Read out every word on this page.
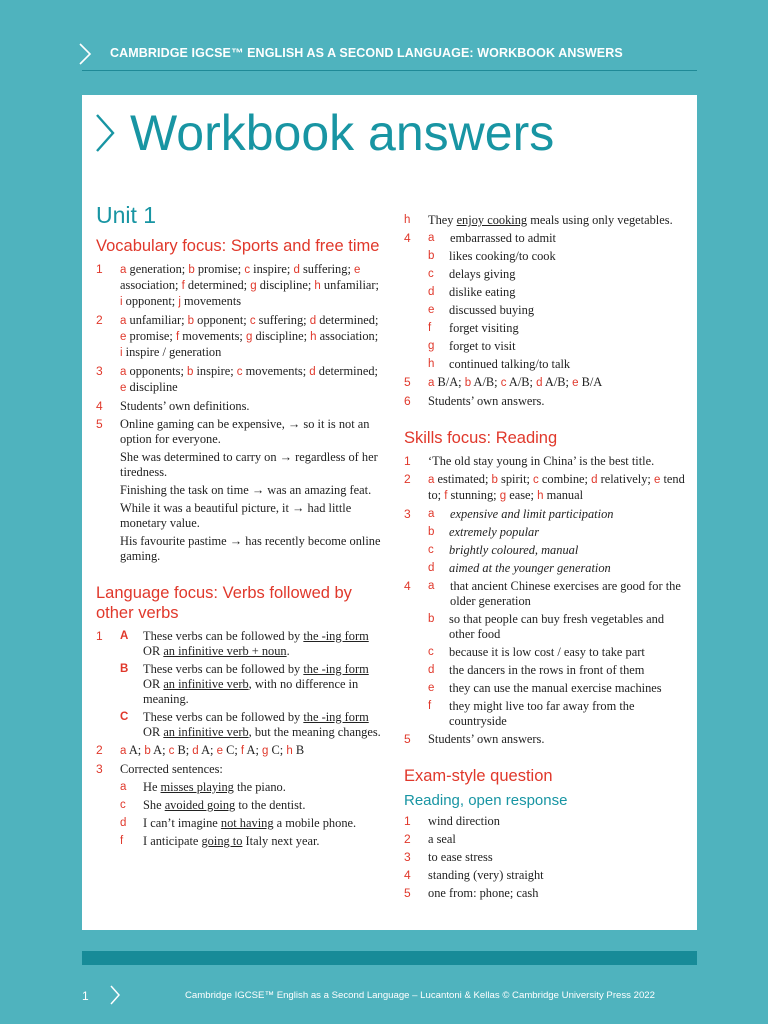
CAMBRIDGE IGCSE™ ENGLISH AS A SECOND LANGUAGE: WORKBOOK ANSWERS
Workbook answers
Unit 1
Vocabulary focus: Sports and free time
1 a generation; b promise; c inspire; d suffering; e association; f determined; g discipline; h unfamiliar; i opponent; j movements
2 a unfamiliar; b opponent; c suffering; d determined; e promise; f movements; g discipline; h association; i inspire / generation
3 a opponents; b inspire; c movements; d determined; e discipline
4 Students’ own definitions.
5 Online gaming can be expensive, → so it is not an option for everyone.
She was determined to carry on → regardless of her tiredness.
Finishing the task on time → was an amazing feat.
While it was a beautiful picture, it → had little monetary value.
His favourite pastime → has recently become online gaming.
Language focus: Verbs followed by other verbs
1 A	These verbs can be followed by the -ing form OR an infinitive verb + noun.
B	These verbs can be followed by the -ing form OR an infinitive verb, with no difference in meaning.
C	These verbs can be followed by the -ing form OR an infinitive verb, but the meaning changes.
2 a A; b A; c B; d A; e C; f A; g C; h B
3 Corrected sentences:
a	He misses playing the piano.
c	She avoided going to the dentist.
d	I can’t imagine not having a mobile phone.
f	I anticipate going to Italy next year.
h They enjoy cooking meals using only vegetables.
4 a	embarrassed to admit
b likes cooking/to cook
c delays giving
d dislike eating
e discussed buying
f forget visiting
g forget to visit
h continued talking/to talk
5 a B/A; b A/B; c A/B; d A/B; e B/A
6 Students’ own answers.
Skills focus: Reading
1 ‘The old stay young in China’ is the best title.
2 a estimated; b spirit; c combine; d relatively; e tend to; f stunning; g ease; h manual
3 a	expensive and limit participation
b extremely popular
c brightly coloured, manual
d aimed at the younger generation
4 a	that ancient Chinese exercises are good for the older generation
b so that people can buy fresh vegetables and other food
c because it is low cost / easy to take part
d the dancers in the rows in front of them
e they can use the manual exercise machines
f they might live too far away from the countryside
5 Students’ own answers.
Exam-style question
Reading, open response
1 wind direction
2 a seal
3 to ease stress
4 standing (very) straight
5 one from: phone; cash
1	Cambridge IGCSE™ English as a Second Language – Lucantoni & Kellas © Cambridge University Press 2022
